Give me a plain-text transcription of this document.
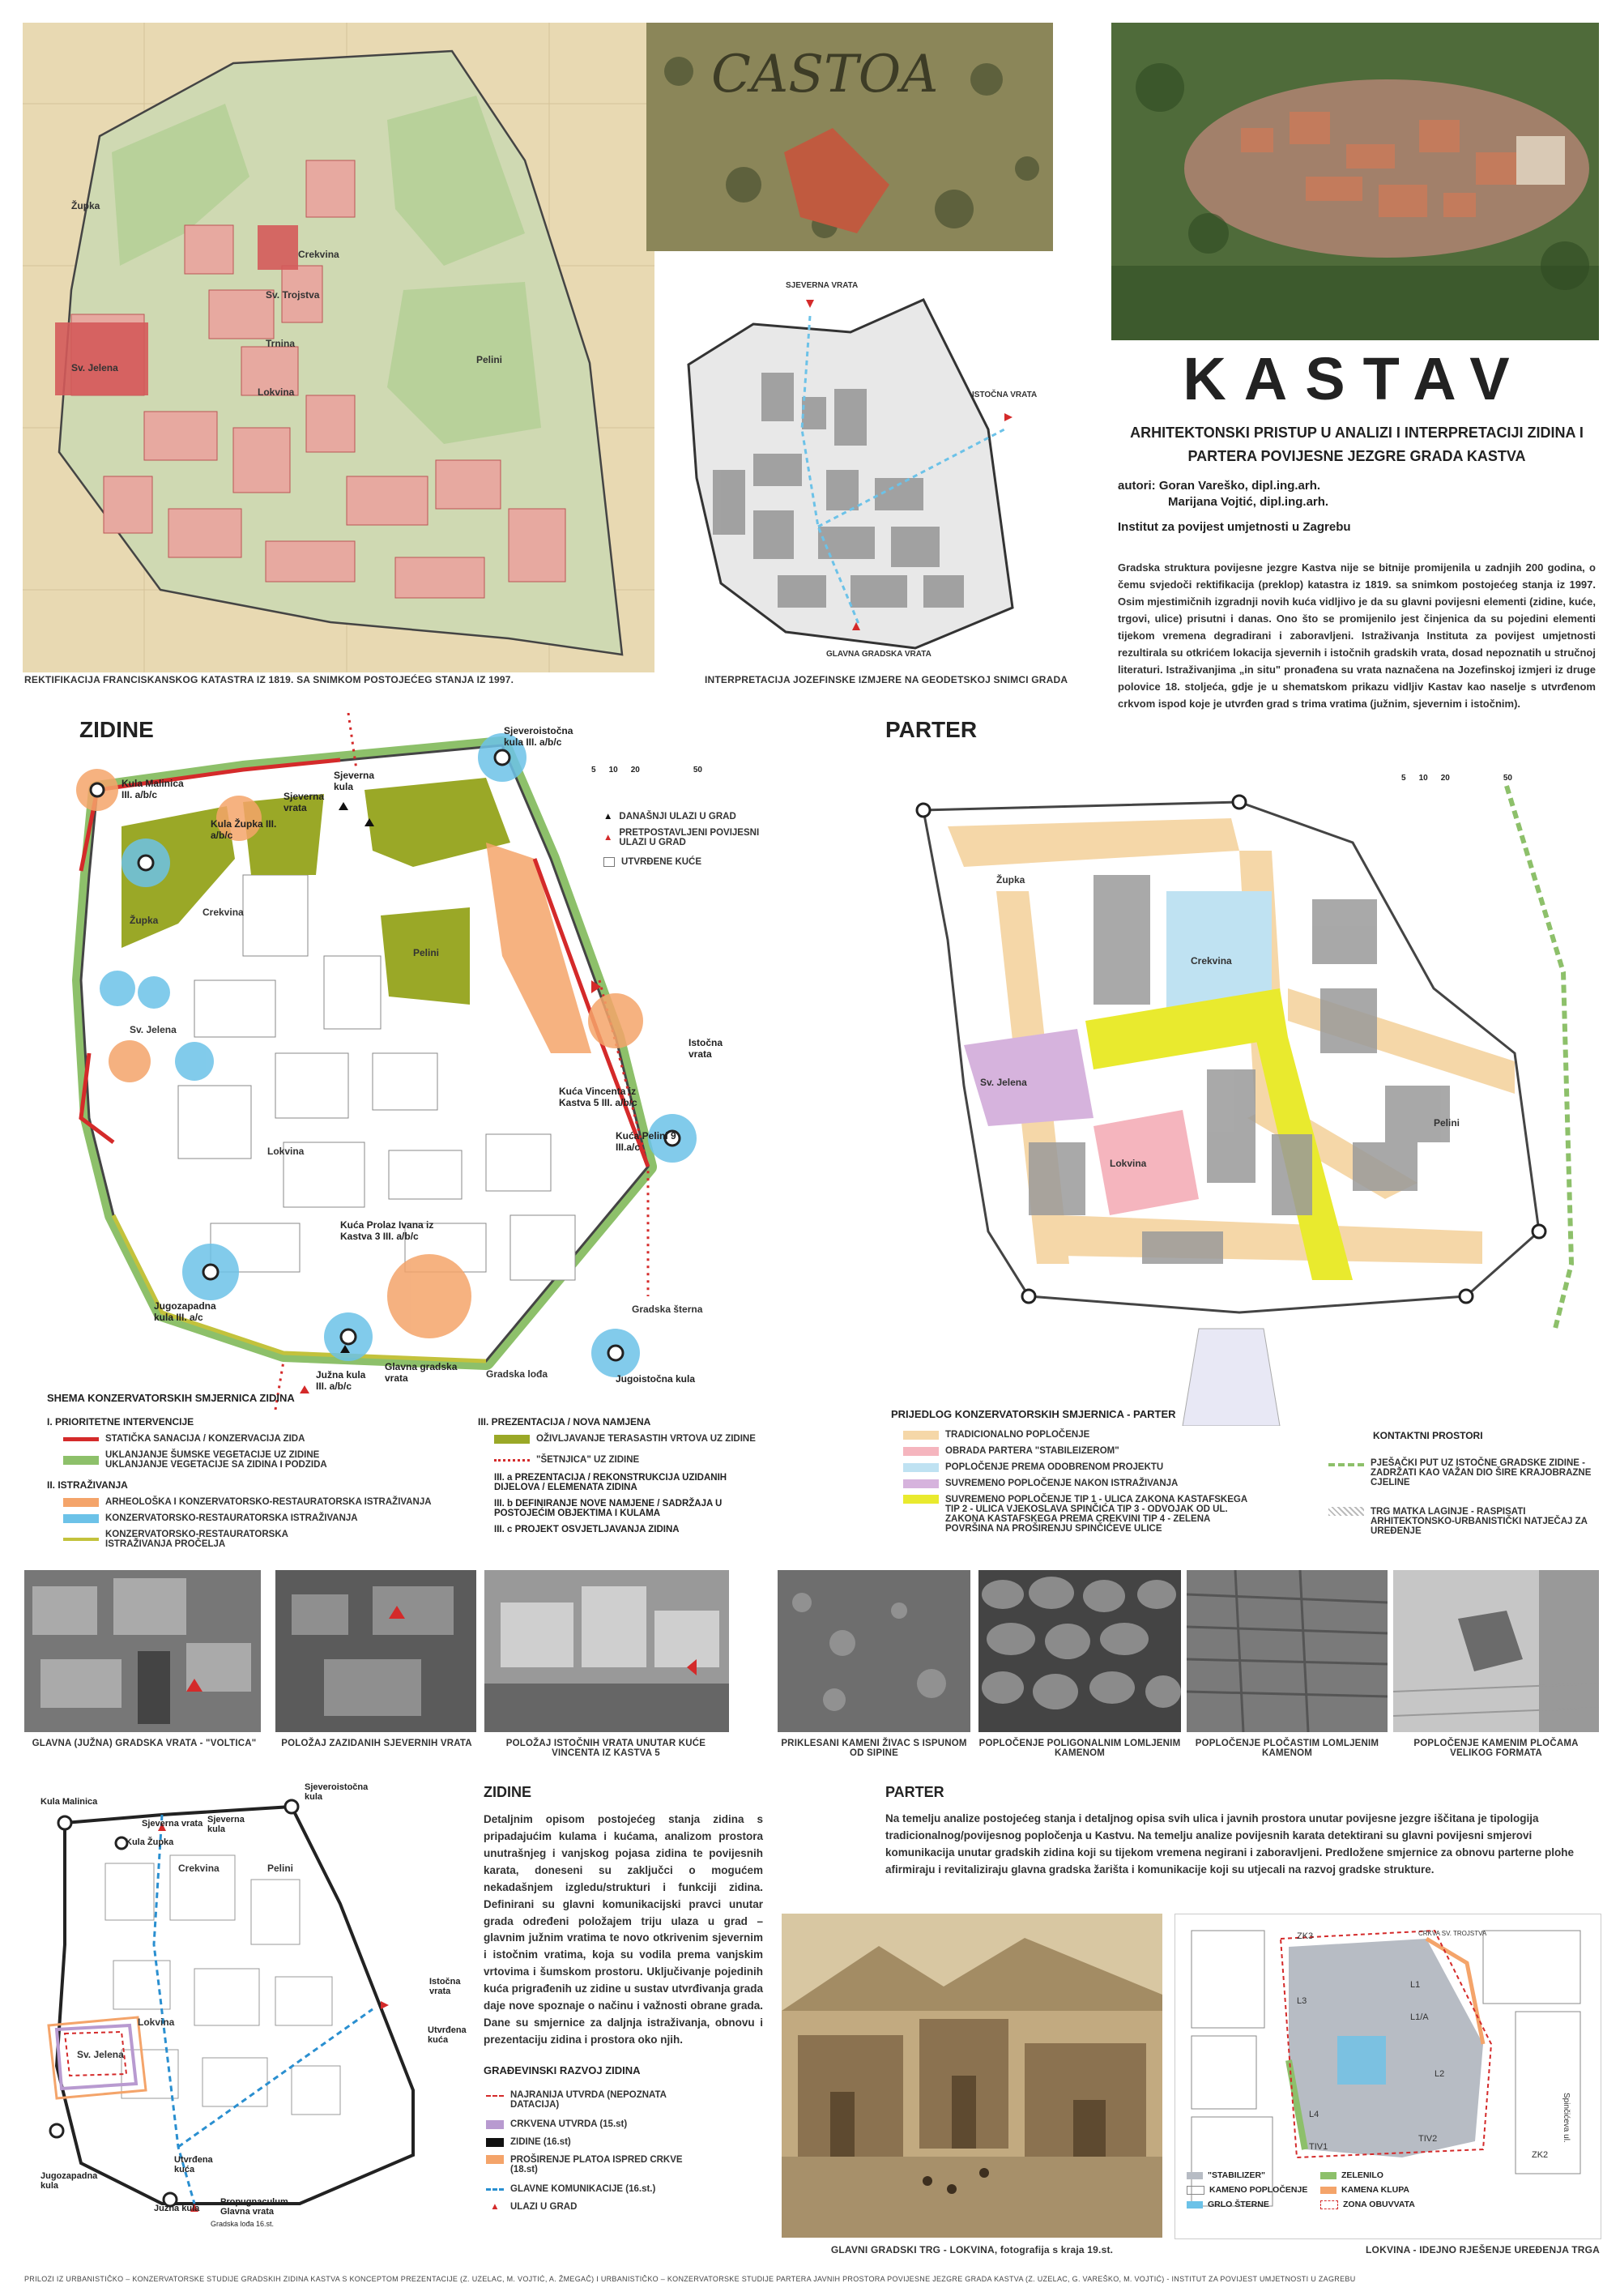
Župka
Crekvina
Sv. Jelena
Sv. Trojstva
Trnina
Lokvina
Pelini
REKTIFIKACIJA FRANCISKANSKOG KATASTRA IZ 1819. SA SNIMKOM POSTOJEĆEG STANJA IZ 1997.
CASTOA
SJEVERNA VRATA
ISTOČNA VRATA
GLAVNA GRADSKA VRATA
INTERPRETACIJA JOZEFINSKE IZMJERE NA GEODETSKOJ SNIMCI GRADA
KASTAV
ARHITEKTONSKI PRISTUP U ANALIZI I INTERPRETACIJI ZIDINA I PARTERA POVIJESNE JEZGRE GRADA KASTVA
autori: Goran Vareško, dipl.ing.arh.
Marijana Vojtić, dipl.ing.arh.
Institut za povijest umjetnosti u Zagrebu
Gradska struktura povijesne jezgre Kastva nije se bitnije promijenila u zadnjih 200 godina, o čemu svjedoči rektifikacija (preklop) katastra iz 1819. sa snimkom postojećeg stanja iz 1997. Osim mjestimičnih izgradnji novih kuća vidljivo je da su glavni povijesni elementi (zidine, kuće, trgovi, ulice) prisutni i danas. Ono što se promijenilo jest činjenica da su pojedini elementi tijekom vremena degradirani i zaboravljeni. Istraživanja Instituta za povijest umjetnosti rezultirala su otkrićem lokacija sjevernih i istočnih gradskih vrata, dosad nepoznatih u stručnoj literaturi. Istraživanjima „in situ" pronađena su vrata naznačena na Jozefinskoj izmjeri iz druge polovice 18. stoljeća, gdje je u shematskom prikazu vidljiv Kastav kao naselje s utvrđenom crkvom ispod koje je utvrđen grad s trima vratima (južnim, sjevernim i istočnim).
ZIDINE
Crekvina
Župka
Pelini
Sv. Jelena
Lokvina
Gradska šterna
Gradska lođa
Kula Malinica III. a/b/c
Kula Župka III. a/b/c
Sjeverna kula
Sjeverna vrata
Sjeveroistočna kula III. a/b/c
Istočna vrata
Kuća Vincenta iz Kastva 5 III. a/b/c
Kuća Pelini 9 III.a/c
Kuća Prolaz Ivana iz Kastva 3 III. a/b/c
Jugozapadna kula III. a/c
Južna kula III. a/b/c
Glavna gradska vrata	Jugoistočna kula
5 10 20	50
▲ DANAŠNJI ULAZI U GRAD
▲ PRETPOSTAVLJENI POVIJESNI ULAZI U GRAD
UTVRĐENE KUĆE
SHEMA KONZERVATORSKIH SMJERNICA ZIDINA
I. PRIORITETNE INTERVENCIJE
STATIČKA SANACIJA / KONZERVACIJA ZIDA
UKLANJANJE ŠUMSKE VEGETACIJE UZ ZIDINE UKLANJANJE VEGETACIJE SA ZIDINA I PODZIDA
II. ISTRAŽIVANJA
ARHEOLOŠKA I KONZERVATORSKO-RESTAURATORSKA ISTRAŽIVANJA
KONZERVATORSKO-RESTAURATORSKA ISTRAŽIVANJA
KONZERVATORSKO-RESTAURATORSKA ISTRAŽIVANJA PROČELJA
III. PREZENTACIJA / NOVA NAMJENA
OŽIVLJAVANJE TERASASTIH VRTOVA UZ ZIDINE
"ŠETNJICA" UZ ZIDINE
III. a PREZENTACIJA / REKONSTRUKCIJA UZIDANIH DIJELOVA / ELEMENATA ZIDINA
III. b DEFINIRANJE NOVE NAMJENE / SADRŽAJA U POSTOJEĆIM OBJEKTIMA I KULAMA
III. c PROJEKT OSVJETLJAVANJA ZIDINA
PARTER
Župka
Crekvina
Sv. Jelena
Lokvina
Pelini
5 10 20	50
PRIJEDLOG KONZERVATORSKIH SMJERNICA - PARTER
TRADICIONALNO POPLOČENJE
OBRADA PARTERA "STABILEIZEROM"
POPLOČENJE PREMA ODOBRENOM PROJEKTU
SUVREMENO POPLOČENJE NAKON ISTRAŽIVANJA
SUVREMENO POPLOČENJE TIP 1 - ULICA ZAKONA KASTAFSKEGA TIP 2 - ULICA VJEKOSLAVA SPINČIĆA TIP 3 - ODVOJAK OD UL. ZAKONA KASTAFSKEGA PREMA CREKVINI TIP 4 - ZELENA POVRŠINA NA PROŠIRENJU SPINČIĆEVE ULICE
KONTAKTNI PROSTORI
PJEŠAČKI PUT UZ ISTOČNE GRADSKE ZIDINE - ZADRŽATI KAO VAŽAN DIO ŠIRE KRAJOBRAZNE CJELINE
TRG MATKA LAGINJE - RASPISATI ARHITEKTONSKO-URBANISTIČKI NATJEČAJ ZA UREĐENJE
GLAVNA (JUŽNA) GRADSKA VRATA - "VOLTICA"	POLOŽAJ ZAZIDANIH SJEVERNIH VRATA	POLOŽAJ ISTOČNIH VRATA UNUTAR KUĆE VINCENTA IZ KASTVA 5
PRIKLESANI KAMENI ŽIVAC S ISPUNOM OD SIPINE
POPLOČENJE POLIGONALNIM LOMLJENIM KAMENOM
POPLOČENJE PLOČASTIM LOMLJENIM KAMENOM
POPLOČENJE KAMENIM PLOČAMA VELIKOG FORMATA
Crekvina	Pelini
Sv. Jelena
Lokvina
Kula Malinica
Sjeverna vrata
Kula Župka
Sjeverna kula
Sjeveroistočna kula
Istočna vrata
Utvrđena kuća
Jugozapadna kula
Južna kula
Utvrđena kuća
Propugnaculum Glavna vrata
Gradska lođa 16.st.
ZIDINE
Detaljnim opisom postojećeg stanja zidina s pripadajućim kulama i kućama, analizom prostora unutrašnjeg i vanjskog pojasa zidina te povijesnih karata, doneseni su zaključci o mogućem nekadašnjem izgledu/strukturi i funkciji zidina. Definirani su glavni komunikacijski pravci unutar grada određeni položajem triju ulaza u grad – glavnim južnim vratima te novo otkrivenim sjevernim i istočnim vratima, koja su vodila prema vanjskim vrtovima i šumskom prostoru. Uključivanje pojedinih kuća prigrađenih uz zidine u sustav utvrđivanja grada daje nove spoznaje o načinu i važnosti obrane grada. Dane su smjernice za daljnja istraživanja, obnovu i prezentaciju zidina i prostora oko njih.
GRAĐEVINSKI RAZVOJ ZIDINA
NAJRANIJA UTVRDA (NEPOZNATA DATACIJA)
CRKVENA UTVRDA (15.st)
ZIDINE (16.st)
PROŠIRENJE PLATOA ISPRED CRKVE (18.st)
GLAVNE KOMUNIKACIJE (16.st.)
▲	ULAZI U GRAD
PARTER
Na temelju analize postojećeg stanja i detaljnog opisa svih ulica i javnih prostora unutar povijesne jezgre iščitana je tipologija tradicionalnog/povijesnog popločenja u Kastvu. Na temelju analize povijesnih karata detektirani su glavni povijesni smjerovi komunikacija unutar gradskih zidina koji su tijekom vremena negirani i zaboravljeni. Predložene smjernice za obnovu parterne plohe afirmiraju i revitaliziraju glavna gradska žarišta i komunikacije koji su utjecali na razvoj gradske strukture.
GLAVNI GRADSKI TRG - LOKVINA, fotografija s kraja 19.st.
ZK3	CRKVA SV. TROJSTVA
L3
L1
L1/A
L2
L4
TIV2
TIV1
ZK2
Spinčićeva ul.
"STABILIZER"	ZELENILO
KAMENO POPLOČENJE	KAMENA KLUPA
GRLO ŠTERNE	ZONA OBUVVATA
LOKVINA - IDEJNO RJEŠENJE UREĐENJA TRGA
PRILOZI IZ URBANISTIČKO – KONZERVATORSKE STUDIJE GRADSKIH ZIDINA KASTVA S KONCEPTOM PREZENTACIJE (Z. UZELAC, M. VOJTIĆ, A. ŽMEGAČ) I URBANISTIČKO – KONZERVATORSKE STUDIJE PARTERA JAVNIH PROSTORA POVIJESNE JEZGRE GRADA KASTVA (Z. UZELAC, G. VAREŠKO, M. VOJTIĆ) - INSTITUT ZA POVIJEST UMJETNOSTI U ZAGREBU
